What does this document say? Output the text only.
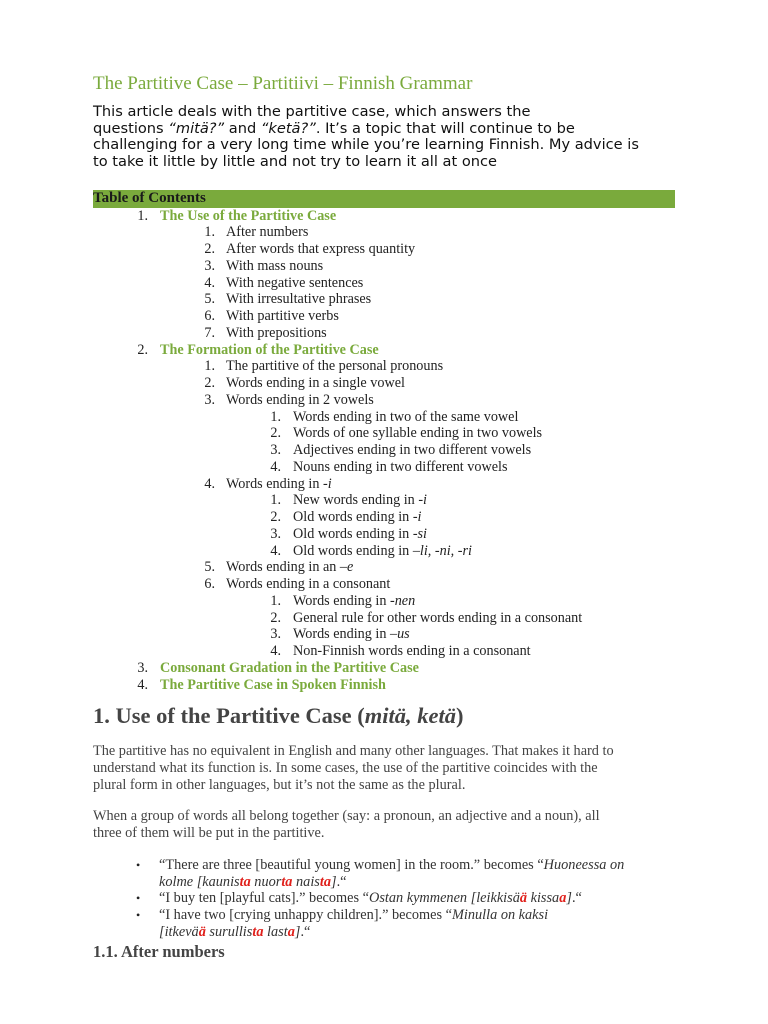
The Partitive Case – Partitiivi – Finnish Grammar

This article deals with the partitive case, which answers the
questions “mitä?” and “ketä?”. It’s a topic that will continue to be
challenging for a very long time while you’re learning Finnish. My advice is
to take it little by little and not try to learn it all at once

Table of Contents
1. The Use of the Partitive Case
1. After numbers
2. After words that express quantity
3. With mass nouns
4. With negative sentences
5. With irresultative phrases
6. With partitive verbs
7. With prepositions
2. The Formation of the Partitive Case
1. The partitive of the personal pronouns
2. Words ending in a single vowel
3. Words ending in 2 vowels
1. Words ending in two of the same vowel
2. Words of one syllable ending in two vowels
3. Adjectives ending in two different vowels
4. Nouns ending in two different vowels
4. Words ending in -i
1. New words ending in -i
2. Old words ending in -i
3. Old words ending in -si
4. Old words ending in –li, -ni, -ri
5. Words ending in an –e
6. Words ending in a consonant
1. Words ending in -nen
2. General rule for other words ending in a consonant
3. Words ending in –us
4. Non-Finnish words ending in a consonant
3. Consonant Gradation in the Partitive Case
4. The Partitive Case in Spoken Finnish
1. Use of the Partitive Case (mitä, ketä)

The partitive has no equivalent in English and many other languages. That makes it hard to
understand what its function is. In some cases, the use of the partitive coincides with the
plural form in other languages, but it’s not the same as the plural.

When a group of words all belong together (say: a pronoun, an adjective and a noun), all
three of them will be put in the partitive.

• “There are three [beautiful young women] in the room.” becomes “Huoneessa on
kolme [kaunista nuorta naista].“

• “I buy ten [playful cats].” becomes “Ostan kymmenen [leikkisää kissaa].“

• “I have two [crying unhappy children].” becomes “Minulla on kaksi
[itkevää surullista lasta].“

1.1. After numbers
